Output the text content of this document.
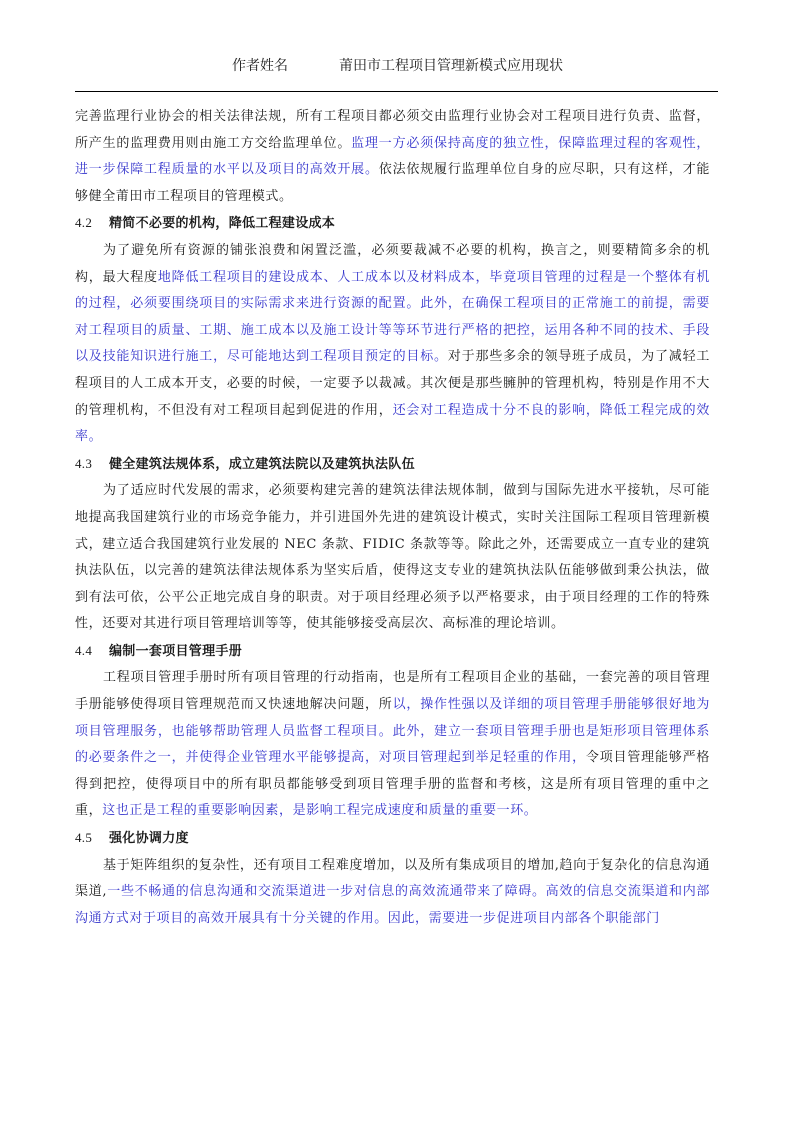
作者姓名	莆田市工程项目管理新模式应用现状

完善监理行业协会的相关法律法规，所有工程项目都必须交由监理行业协会对工程项目进行负责、监督，所产生的监理费用则由施工方交给监理单位。监理一方必须保持高度的独立性，保障监理过程的客观性，进一步保障工程质量的水平以及项目的高效开展。依法依规履行监理单位自身的应尽职，只有这样，才能够健全莆田市工程项目的管理模式。

4.2 精简不必要的机构，降低工程建设成本

为了避免所有资源的铺张浪费和闲置泛滥，必须要裁减不必要的机构，换言之，则要精简多余的机构，最大程度地降低工程项目的建设成本、人工成本以及材料成本，毕竟项目管理的过程是一个整体有机的过程，必须要围绕项目的实际需求来进行资源的配置。此外，在确保工程项目的正常施工的前提，需要对工程项目的质量、工期、施工成本以及施工设计等等环节进行严格的把控，运用各种不同的技术、手段以及技能知识进行施工，尽可能地达到工程项目预定的目标。对于那些多余的领导班子成员，为了减轻工程项目的人工成本开支，必要的时候，一定要予以裁减。其次便是那些臃肿的管理机构，特别是作用不大的管理机构，不但没有对工程项目起到促进的作用，还会对工程造成十分不良的影响，降低工程完成的效率。

4.3 健全建筑法规体系，成立建筑法院以及建筑执法队伍

为了适应时代发展的需求，必须要构建完善的建筑法律法规体制，做到与国际先进水平接轨，尽可能地提高我国建筑行业的市场竞争能力，并引进国外先进的建筑设计模式，实时关注国际工程项目管理新模式，建立适合我国建筑行业发展的 NEC 条款、FIDIC 条款等等。除此之外，还需要成立一直专业的建筑执法队伍，以完善的建筑法律法规体系为坚实后盾，使得这支专业的建筑执法队伍能够做到秉公执法，做到有法可依，公平公正地完成自身的职责。对于项目经理必须予以严格要求，由于项目经理的工作的特殊性，还要对其进行项目管理培训等等，使其能够接受高层次、高标准的理论培训。

4.4 编制一套项目管理手册

工程项目管理手册时所有项目管理的行动指南，也是所有工程项目企业的基础，一套完善的项目管理手册能够使得项目管理规范而又快速地解决问题，所以，操作性强以及详细的项目管理手册能够很好地为项目管理服务，也能够帮助管理人员监督工程项目。此外，建立一套项目管理手册也是矩形项目管理体系的必要条件之一，并使得企业管理水平能够提高，对项目管理起到举足轻重的作用，令项目管理能够严格得到把控，使得项目中的所有职员都能够受到项目管理手册的监督和考核，这是所有项目管理的重中之重，这也正是工程的重要影响因素，是影响工程完成速度和质量的重要一环。

4.5 强化协调力度

基于矩阵组织的复杂性，还有项目工程难度增加，以及所有集成项目的增加,趋向于复杂化的信息沟通渠道,一些不畅通的信息沟通和交流渠道进一步对信息的高效流通带来了障碍。高效的信息交流渠道和内部沟通方式对于项目的高效开展具有十分关键的作用。因此，需要进一步促进项目内部各个职能部门
